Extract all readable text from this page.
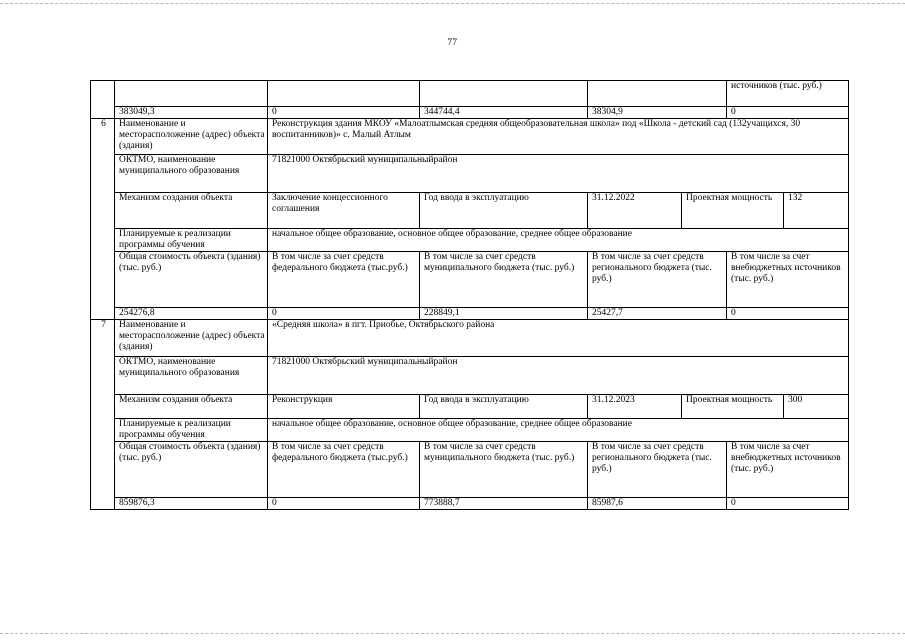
77
						источников (тыс. руб.)	
	383049,3	0	344744,4	38304,9		0	
6	Наименование и месторасположение (адрес) объекта (здания)	Реконструкция здания МКОУ «Малоатлымская средняя общеобразовательная школа» под «Школа - детский сад (132учащихся, 30 воспитанников)» с. Малый Атлым					
	ОКТМО, наименование муниципального образования	71821000 Октябрьский муниципальныйрайон					
	Механизм создания объекта	Заключение концессионного соглашения	Год ввода в эксплуатацию	31.12.2022	Проектная мощность		132
	Планируемые к реализации программы обучения	начальное общее образование, основное общее образование, среднее общее образование					
	Общая стоимость объекта (здания) (тыс. руб.)	В том числе за счет средств федерального бюджета (тыс.руб.)	В том числе за счет средств муниципального бюджета (тыс. руб.)	В том числе за счет средств регионального бюджета (тыс. руб.)		В том числе за счет внебюджетных источников (тыс. руб.)	
	254276,8	0	228849,1	25427,7		0	
7	Наименование и месторасположение (адрес) объекта (здания)	«Средняя школа» в пгт. Приобье, Октябрьского района					
	ОКТМО, наименование муниципального образования	71821000 Октябрьский муниципальныйрайон					
	Механизм создания объекта	Реконструкция	Год ввода в эксплуатацию	31.12.2023	Проектная мощность		300
	Планируемые к реализации программы обучения	начальное общее образование, основное общее образование, среднее общее образование					
	Общая стоимость объекта (здания) (тыс. руб.)	В том числе за счет средств федерального бюджета (тыс.руб.)	В том числе за счет средств муниципального бюджета (тыс. руб.)	В том числе за счет средств регионального бюджета (тыс. руб.)		В том числе за счет внебюджетных источников (тыс. руб.)	
	859876,3	0	773888,7	85987,6		0	
